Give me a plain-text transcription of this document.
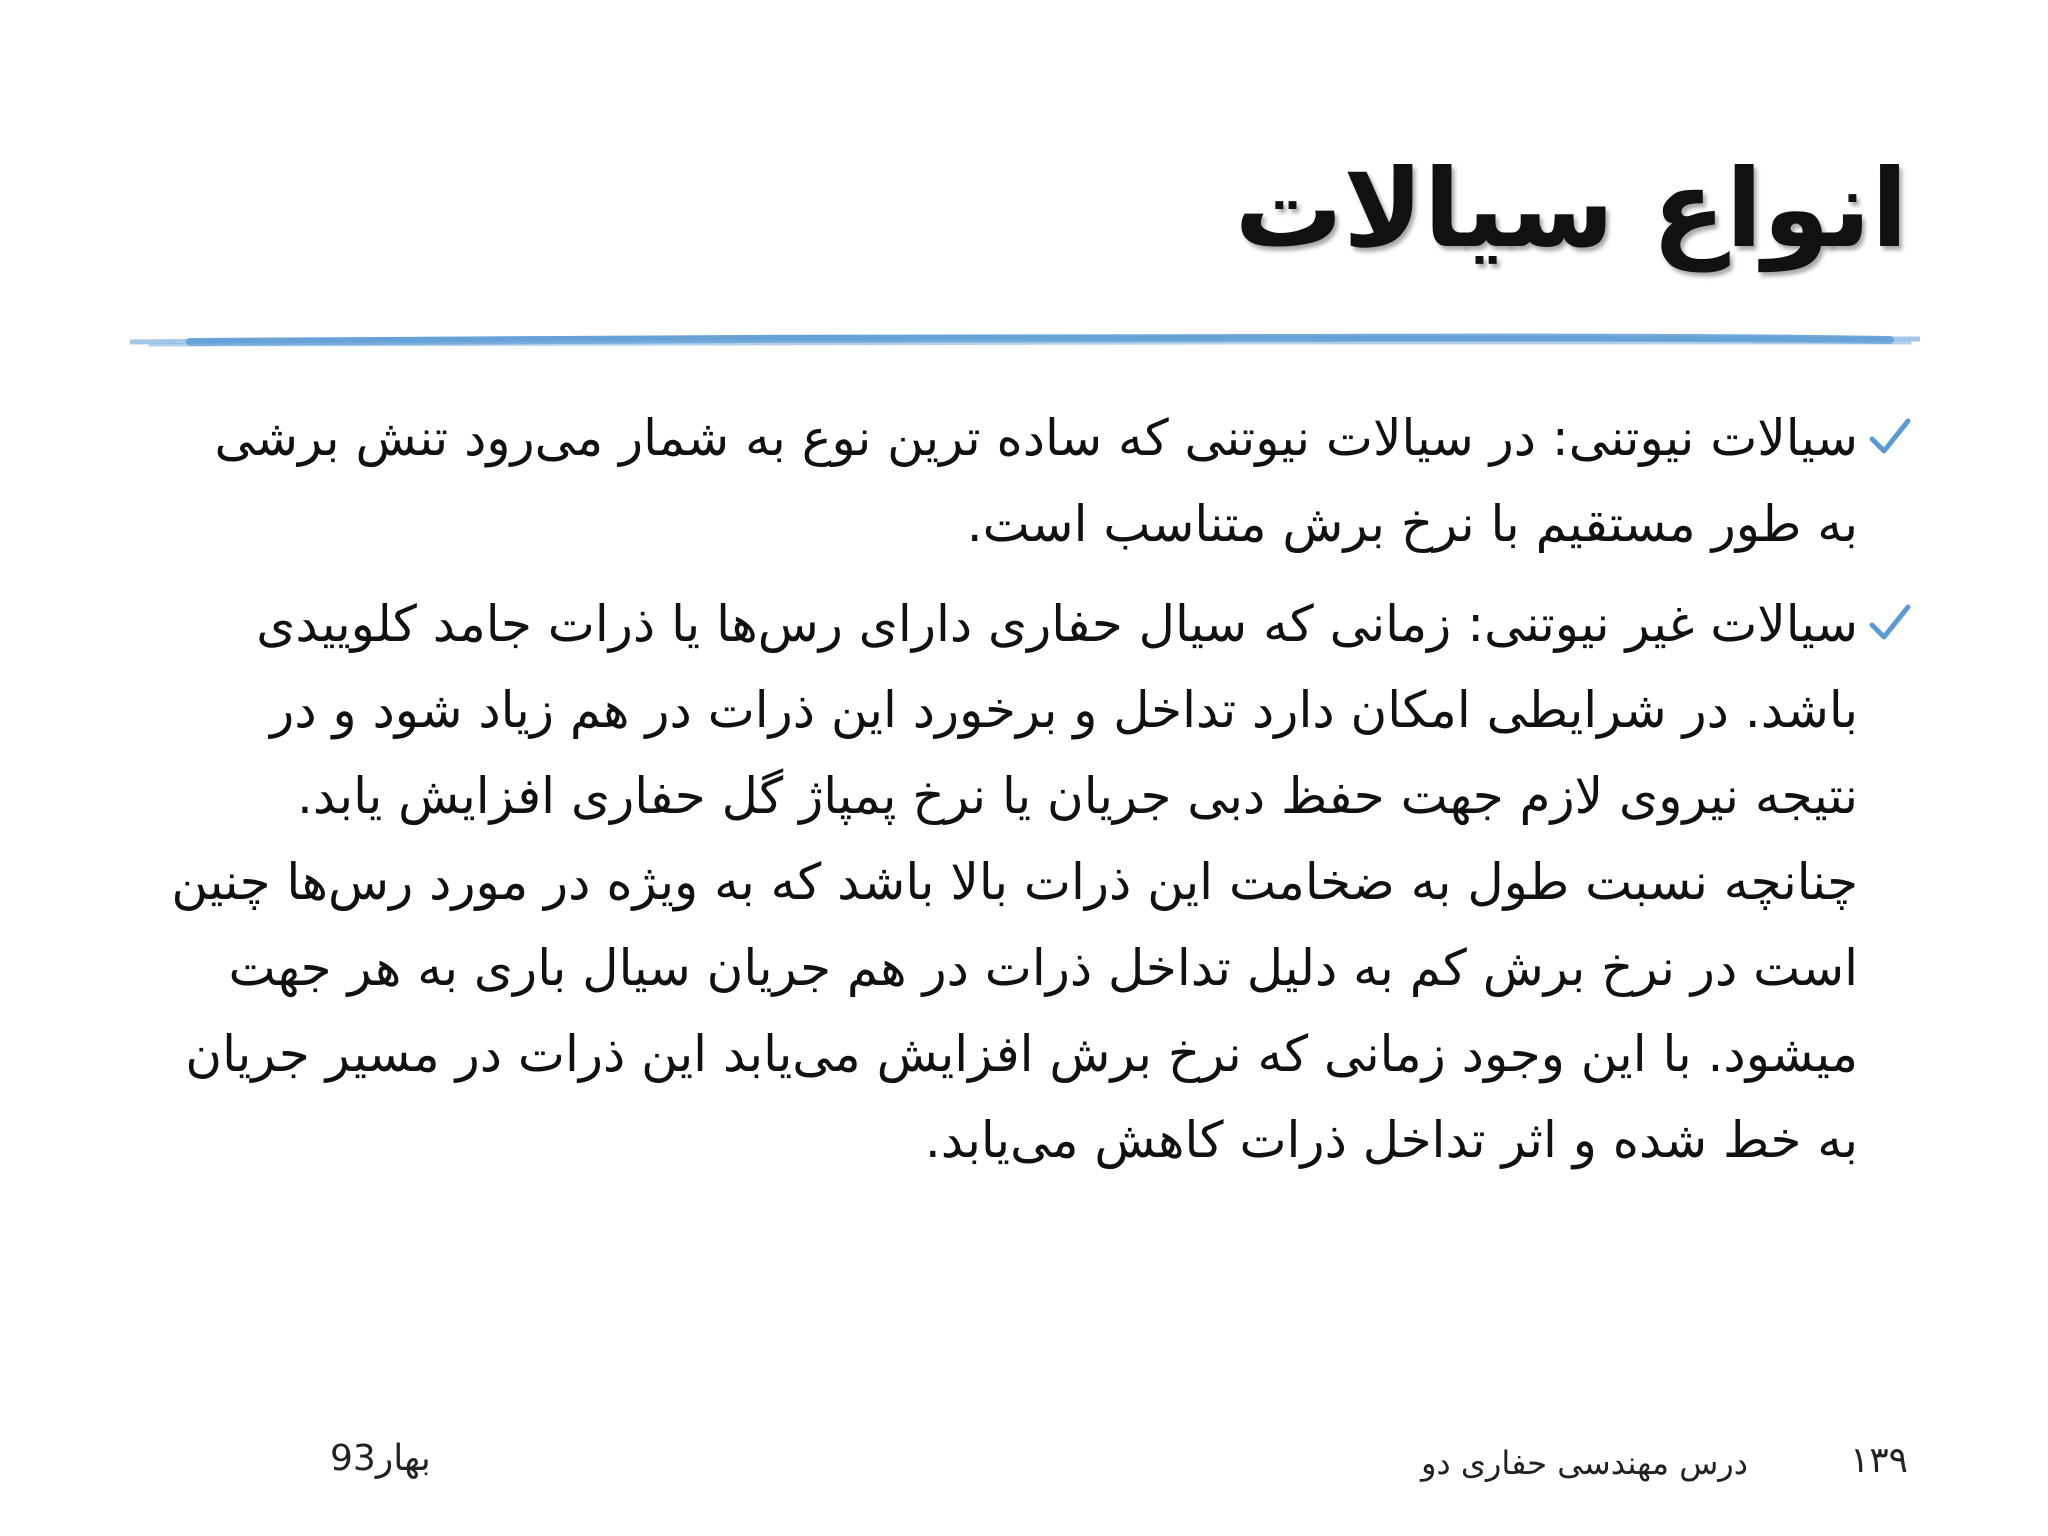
انواع سیالات
سیالات نیوتنی: در سیالات نیوتنی که ساده ترین نوع به شمار می‌رود تنش برشی به طور مستقیم با نرخ برش متناسب است.
سیالات غیر نیوتنی: زمانی که سیال حفاری دارای رس‌ها یا ذرات جامد کلوییدی باشد. در شرایطی امکان دارد تداخل و برخورد این ذرات در هم زیاد شود و در نتیجه نیروی لازم جهت حفظ دبی جریان یا نرخ پمپاژ گل حفاری افزایش یابد. چنانچه نسبت طول به ضخامت این ذرات بالا باشد که به ویژه در مورد رس‌ها چنین است در نرخ برش کم به دلیل تداخل ذرات در هم جریان سیال باری به هر جهت میشود. با این وجود زمانی که نرخ برش افزایش می‌یابد این ذرات در مسیر جریان به خط شده و اثر تداخل ذرات کاهش می‌یابد.
بهار93	درس مهندسی حفاری دو	۱۳۹
